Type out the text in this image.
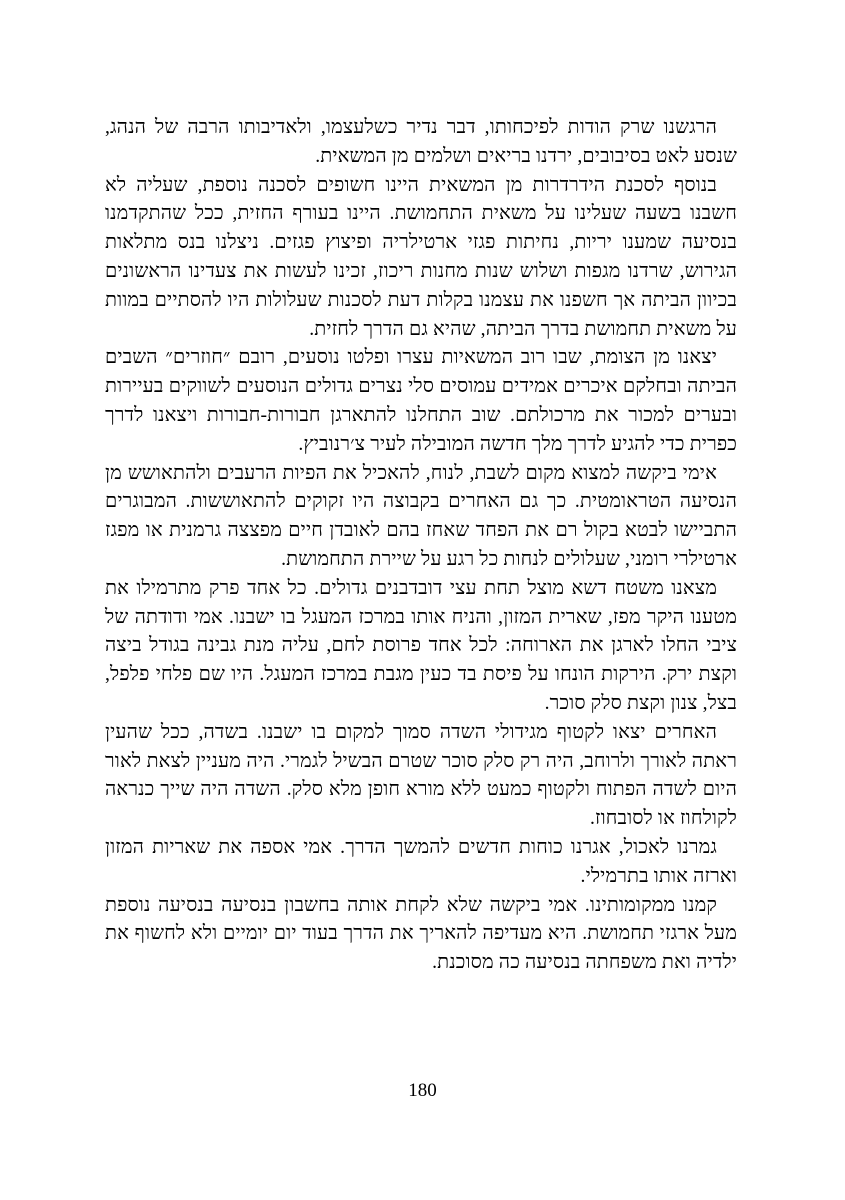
הרגשנו שרק הודות לפיכחותו, דבר נדיר כשלעצמו, ולאדיבותו הרבה של הנהג, שנסע לאט בסיבובים, ירדנו בריאים ושלמים מן המשאית.

בנוסף לסכנת הידרדרות מן המשאית היינו חשופים לסכנה נוספת, שעליה לא חשבנו בשעה שעלינו על משאית התחמושת. היינו בעורף החזית, ככל שהתקדמנו בנסיעה שמענו יריות, נחיתות פגזי ארטילריה ופיצוץ פגזים. ניצלנו בנס מתלאות הגירוש, שרדנו מגפות ושלוש שנות מחנות ריכוז, זכינו לעשות את צעדינו הראשונים בכיוון הביתה אך חשפנו את עצמנו בקלות דעת לסכנות שעלולות היו להסתיים במוות על משאית תחמושת בדרך הביתה, שהיא גם הדרך לחזית.

יצאנו מן הצומת, שבו רוב המשאיות עצרו ופלטו נוסעים, רובם ״חוזרים״ השבים הביתה ובחלקם איכרים אמידים עמוסים סלי נצרים גדולים הנוסעים לשווקים בעיירות ובערים למכור את מרכולתם. שוב התחלנו להתארגן חבורות-חבורות ויצאנו לדרך כפרית כדי להגיע לדרך מלך חדשה המובילה לעיר צ׳רנוביץ.

אימי ביקשה למצוא מקום לשבת, לנוח, להאכיל את הפיות הרעבים ולהתאושש מן הנסיעה הטראומטית. כך גם האחרים בקבוצה היו זקוקים להתאוששות. המבוגרים התביישו לבטא בקול רם את הפחד שאחז בהם לאובדן חיים מפצצה גרמנית או מפגז ארטילרי רומני, שעלולים לנחות כל רגע על שיירת התחמושת.

מצאנו משטח דשא מוצל תחת עצי דובדבנים גדולים. כל אחד פרק מתרמילו את מטענו היקר מפז, שארית המזון, והניח אותו במרכז המעגל בו ישבנו. אמי ודודתה של ציבי החלו לארגן את הארוחה: לכל אחד פרוסת לחם, עליה מנת גבינה בגודל ביצה וקצת ירק. הירקות הונחו על פיסת בד כעין מגבת במרכז המעגל. היו שם פלחי פלפל, בצל, צנון וקצת סלק סוכר.

האחרים יצאו לקטוף מגידולי השדה סמוך למקום בו ישבנו. בשדה, ככל שהעין ראתה לאורך ולרוחב, היה רק סלק סוכר שטרם הבשיל לגמרי. היה מעניין לצאת לאור היום לשדה הפתוח ולקטוף כמעט ללא מורא חופן מלא סלק. השדה היה שייך כנראה לקולחוז או לסובחוז.

גמרנו לאכול, אגרנו כוחות חדשים להמשך הדרך. אמי אספה את שאריות המזון וארזה אותו בתרמילי.

קמנו ממקומותינו. אמי ביקשה שלא לקחת אותה בחשבון בנסיעה בנסיעה נוספת מעל ארגזי תחמושת. היא מעדיפה להאריך את הדרך בעוד יום יומיים ולא לחשוף את ילדיה ואת משפחתה בנסיעה כה מסוכנת.

180
